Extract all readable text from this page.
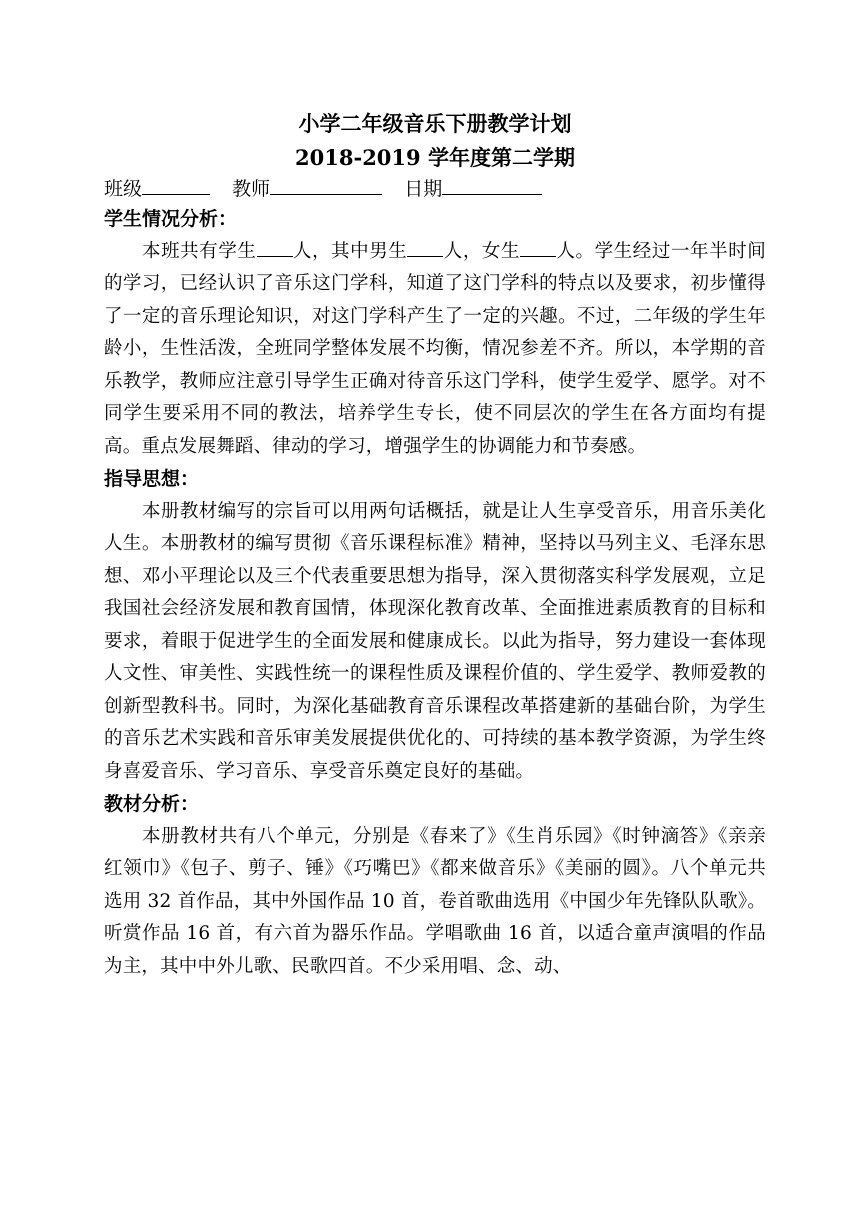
小学二年级音乐下册教学计划
2018-2019 学年度第二学期
班级	教师	日期

学生情况分析：

本班共有学生 人，其中男生 人，女生 人。学生经过一年半时间的学习，已经认识了音乐这门学科，知道了这门学科的特点以及要求，初步懂得了一定的音乐理论知识，对这门学科产生了一定的兴趣。不过，二年级的学生年龄小，生性活泼，全班同学整体发展不均衡，情况参差不齐。所以，本学期的音乐教学，教师应注意引导学生正确对待音乐这门学科，使学生爱学、愿学。对不同学生要采用不同的教法，培养学生专长，使不同层次的学生在各方面均有提高。重点发展舞蹈、律动的学习，增强学生的协调能力和节奏感。

指导思想：

本册教材编写的宗旨可以用两句话概括，就是让人生享受音乐，用音乐美化人生。本册教材的编写贯彻《音乐课程标准》精神，坚持以马列主义、毛泽东思想、邓小平理论以及三个代表重要思想为指导，深入贯彻落实科学发展观，立足我国社会经济发展和教育国情，体现深化教育改革、全面推进素质教育的目标和要求，着眼于促进学生的全面发展和健康成长。以此为指导，努力建设一套体现人文性、审美性、实践性统一的课程性质及课程价值的、学生爱学、教师爱教的创新型教科书。同时，为深化基础教育音乐课程改革搭建新的基础台阶，为学生的音乐艺术实践和音乐审美发展提供优化的、可持续的基本教学资源，为学生终身喜爱音乐、学习音乐、享受音乐奠定良好的基础。

教材分析：

本册教材共有八个单元，分别是《春来了》《生肖乐园》《时钟滴答》《亲亲红领巾》《包子、剪子、锤》《巧嘴巴》《都来做音乐》《美丽的圆》。八个单元共选用 32 首作品，其中外国作品 10 首，卷首歌曲选用《中国少年先锋队队歌》。听赏作品 16 首，有六首为器乐作品。学唱歌曲 16 首，以适合童声演唱的作品为主，其中中外儿歌、民歌四首。不少采用唱、念、动、
